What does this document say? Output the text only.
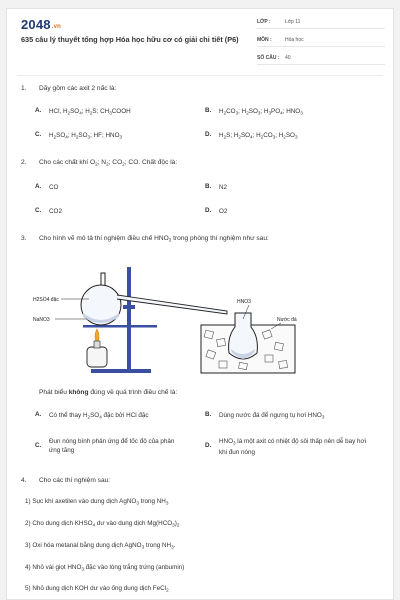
2048.vn
635 câu lý thuyết tổng hợp Hóa học hữu cơ có giải chi tiết (P6)
LỚP :	Lớp 11
MÔN :	Hóa học
SỐ CÂU : 40
1. Dãy gồm các axit 2 nấc là:
A. HCl, $H_2SO_4$; $H_2S$; $CH_3COOH$	B. $H_2CO_3$; $H_2SO_3$; $H_3PO_4$; $HNO_3$
C. $H_2SO_4$; $H_2SO_3$; HF; $HNO_3$	D. $H_2S$; $H_2SO_4$; $H_2CO_3$; $H_2SO_3$
2. Cho các chất khí $O_2$; $N_2$; $CO_2$; CO. Chất độc là:
A. CO	B. N2
C. CO2	D. O2
3. Cho hình vẽ mô tả thí nghiệm điều chế $HNO_3$ trong phòng thí nghiệm như sau:
H2SO4 đặc
NaNO3
HNO3
Nước đá
Phát biểu không đúng về quá trình điều chế là:
A. Có thể thay $H_2SO_4$ đặc bởi HCl đặc	B. Dùng nước đá để ngưng tụ hơi $HNO_3$
C.
Đun nóng bình phản ứng để tốc độ của phản ứng tăng
D.
$HNO_3$ là một axit có nhiệt độ sôi thấp nên dễ bay hơi khi đun nóng
4. Cho các thí nghiệm sau:
1) Sục khí axetilen vào dung dịch AgNO$_3$ trong $NH_3$
2) Cho dung dịch $KHSO_4$ dư vào dung dịch $Mg(HCO_3)_2$
3) Oxi hóa metanal bằng dung dịch AgNO$_3$ trong $NH_3$.
4) Nhỏ vài giọt $HNO_3$ đặc vào lòng trắng trứng (anbumin)
5) Nhỏ dung dịch KOH dư vào ống dung dịch FeCl$_2$
